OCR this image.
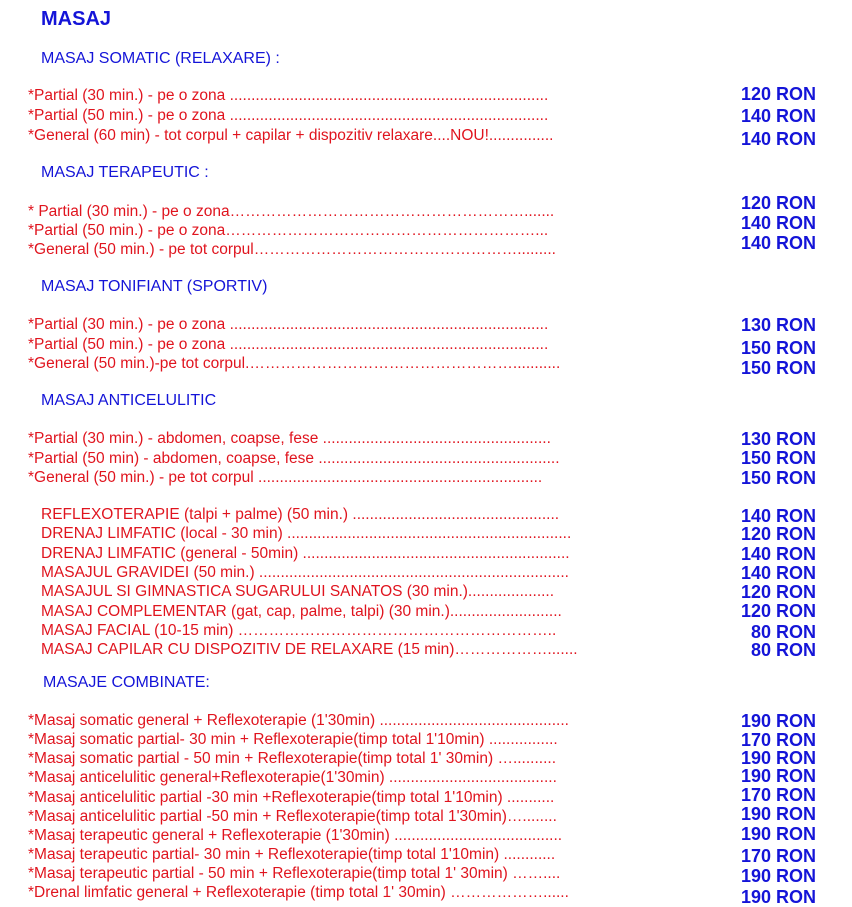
MASAJ
MASAJ SOMATIC (RELAXARE) :
*Partial (30 min.) - pe o zona ..........................................................................	120 RON
*Partial (50 min.) - pe o zona ..........................................................................	140 RON
*General (60 min) - tot corpul + capilar + dispozitiv relaxare....NOU!...............	140 RON
MASAJ TERAPEUTIC :
* Partial (30 min.) - pe o zona………………………………………………….......	120 RON
*Partial (50 min.) - pe o zona……………………………………………………...	140 RON
*General (50 min.) - pe tot corpul…………………………………………….........	140 RON
MASAJ TONIFIANT (SPORTIV)
*Partial (30 min.) - pe o zona ..........................................................................	130 RON
*Partial (50 min.) - pe o zona ..........................................................................	150 RON
*General (50 min.)-pe tot corpul.……………………………………………...........	150 RON
MASAJ ANTICELULITIC
*Partial (30 min.) - abdomen, coapse, fese .....................................................	130 RON
*Partial (50 min) - abdomen, coapse, fese ........................................................	150 RON
*General (50 min.) - pe tot corpul ..................................................................	150 RON
REFLEXOTERAPIE (talpi + palme) (50 min.) ................................................	140 RON
DRENAJ LIMFATIC (local - 30 min) ..................................................................	120 RON
DRENAJ LIMFATIC (general - 50min) ..............................................................	140 RON
MASAJUL GRAVIDEI (50 min.) ........................................................................	140 RON
MASAJUL SI GIMNASTICA SUGARULUI SANATOS (30 min.)....................	120 RON
MASAJ COMPLEMENTAR (gat, cap, palme, talpi) (30 min.)..........................	120 RON
MASAJ FACIAL (10-15 min) ……………………………………………………..	80 RON
MASAJ CAPILAR CU DISPOZITIV DE RELAXARE (15 min)……………….......	80 RON
MASAJE COMBINATE:
*Masaj somatic general + Reflexoterapie (1'30min) ............................................	190 RON
*Masaj somatic partial- 30 min + Reflexoterapie(timp total 1'10min) ................	170 RON
*Masaj somatic partial - 50 min + Reflexoterapie(timp total 1' 30min) …..........	190 RON
*Masaj anticelulitic general+Reflexoterapie(1'30min) .......................................	190 RON
*Masaj anticelulitic partial -30 min +Reflexoterapie(timp total 1'10min) ...........	170 RON
*Masaj anticelulitic partial -50 min + Reflexoterapie(timp total 1'30min)…........	190 RON
*Masaj terapeutic general + Reflexoterapie (1'30min) .......................................	190 RON
*Masaj terapeutic partial- 30 min + Reflexoterapie(timp total 1'10min) ............	170 RON
*Masaj terapeutic partial - 50 min + Reflexoterapie(timp total 1' 30min) ……....	190 RON
*Drenal limfatic general + Reflexoterapie (timp total 1' 30min) ………………......	190 RON
